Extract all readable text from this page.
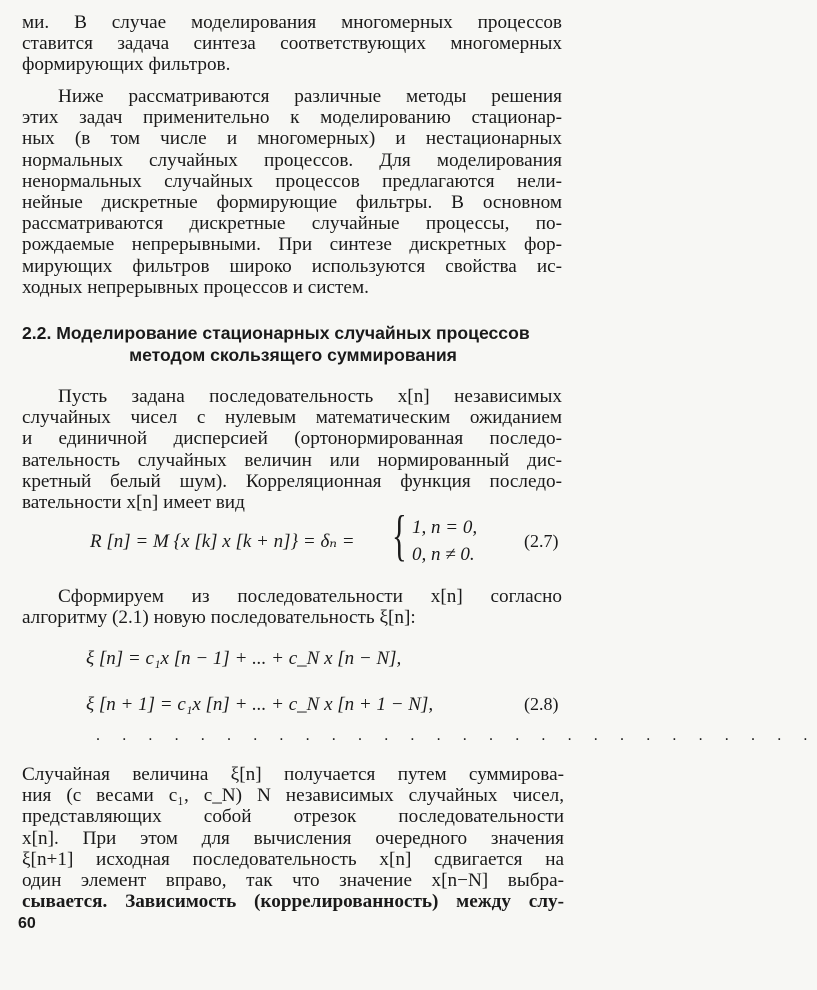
ми. В случае моделирования многомерных процессов
ставится задача синтеза соответствующих многомерных
формирующих фильтров.
Ниже рассматриваются различные методы решения
этих задач применительно к моделированию стационар-
ных (в том числе и многомерных) и нестационарных
нормальных случайных процессов. Для моделирования
ненормальных случайных процессов предлагаются нели-
нейные дискретные формирующие фильтры. В основном
рассматриваются дискретные случайные процессы, по-
рождаемые непрерывными. При синтезе дискретных фор-
мирующих фильтров широко используются свойства ис-
ходных непрерывных процессов и систем.
2.2. Моделирование стационарных случайных процессов
методом скользящего суммирования
Пусть задана последовательность x[n] независимых
случайных чисел с нулевым математическим ожиданием
и единичной дисперсией (ортонормированная последо-
вательность случайных величин или нормированный дис-
кретный белый шум). Корреляционная функция последо-
вательности x[n] имеет вид
R [n] = M {x [k] x [k + n]} = δₙ = { 1, n = 0,
0, n ≠ 0.
(2.7)
Сформируем из последовательности x[n] согласно
алгоритму (2.1) новую последовательность ξ[n]:
ξ [n] = c₁x [n − 1] + ... + c_N x [n − N],
ξ [n + 1] = c₁x [n] + ... + c_N x [n + 1 − N],	(2.8)
. . . . . . . . . . . . . . . . . . . . . . . . . . . .
Случайная величина ξ[n] получается путем суммирова-
ния (с весами c₁, c_N) N независимых случайных чисел,
представляющих собой отрезок последовательности
x[n]. При этом для вычисления очередного значения
ξ[n+1] исходная последовательность x[n] сдвигается на
один элемент вправо, так что значение x[n−N] выбра-
сывается. Зависимость (коррелированность) между слу-
60
